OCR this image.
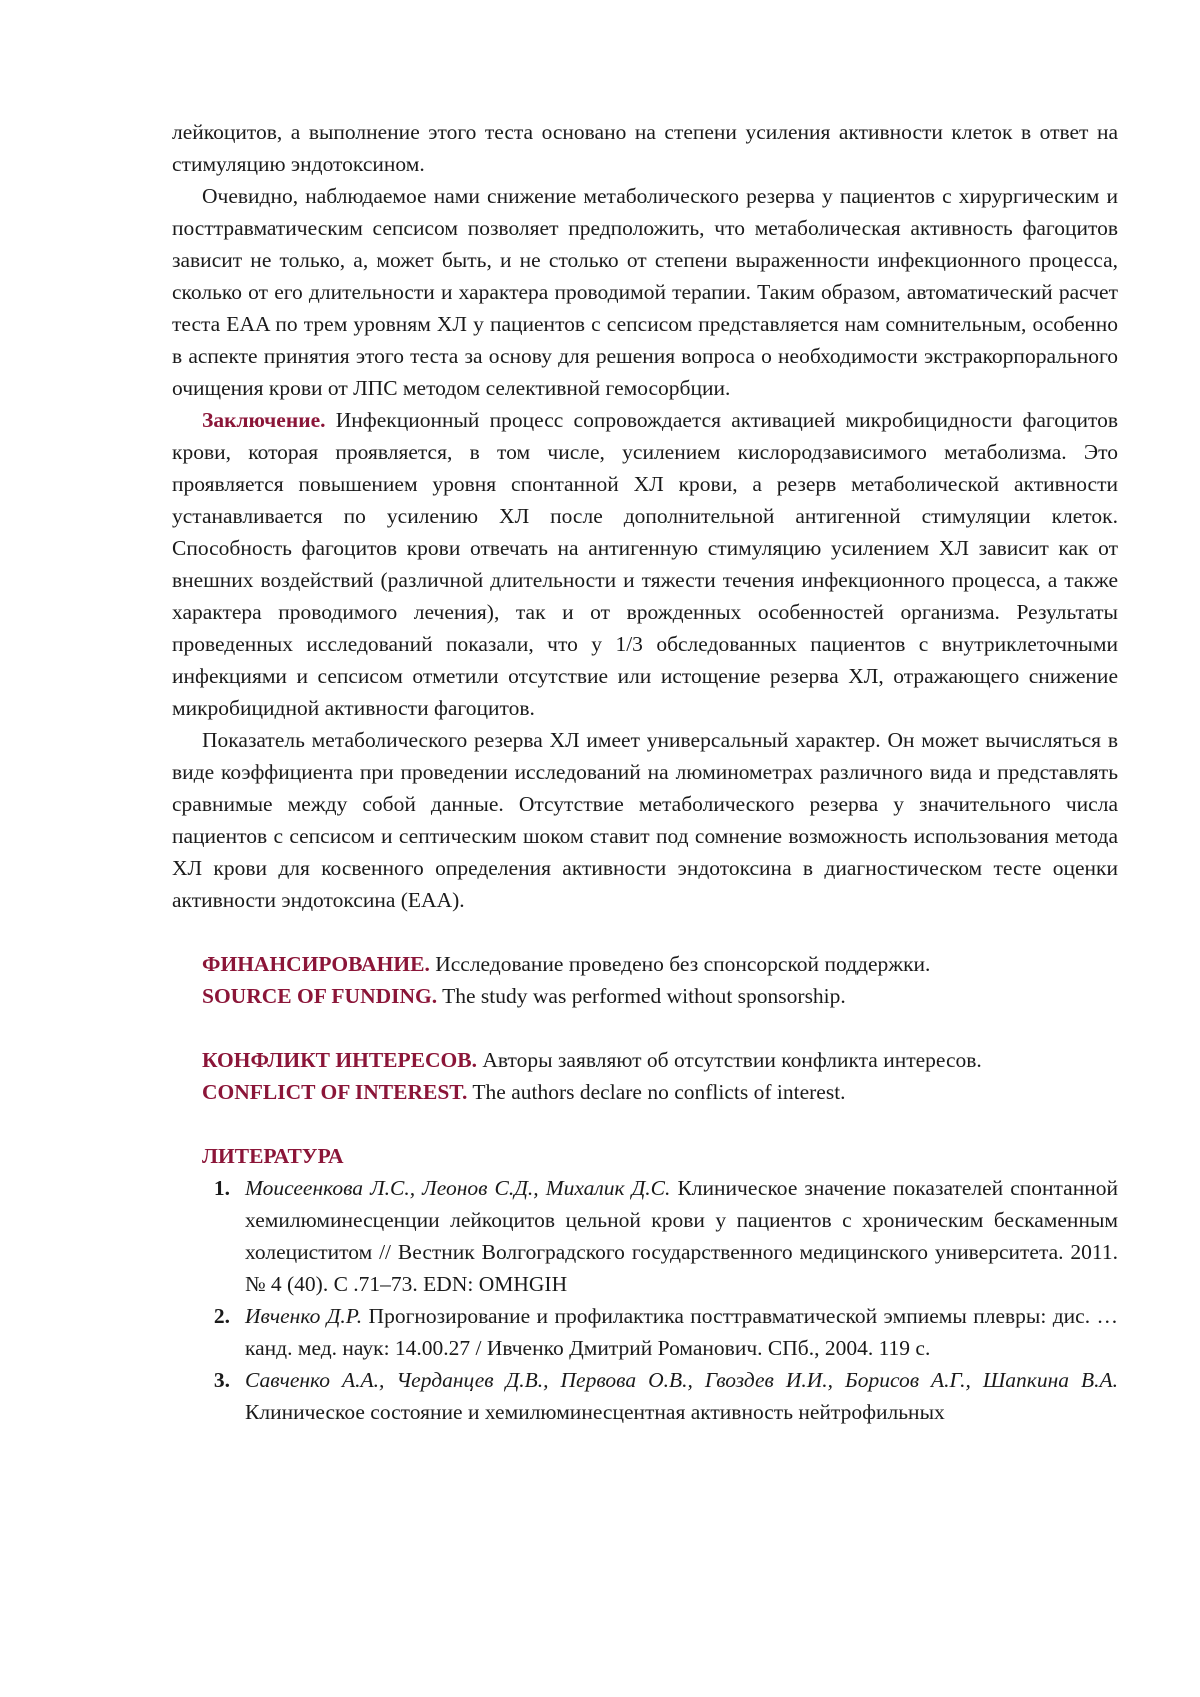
лейкоцитов, а выполнение этого теста основано на степени усиления активности клеток в ответ на стимуляцию эндотоксином.

Очевидно, наблюдаемое нами снижение метаболического резерва у пациентов с хирургическим и посттравматическим сепсисом позволяет предположить, что метаболическая активность фагоцитов зависит не только, а, может быть, и не столько от степени выраженности инфекционного процесса, сколько от его длительности и характера проводимой терапии. Таким образом, автоматический расчет теста EAA по трем уровням ХЛ у пациентов с сепсисом представляется нам сомнительным, особенно в аспекте принятия этого теста за основу для решения вопроса о необходимости экстракорпорального очищения крови от ЛПС методом селективной гемосорбции.

Заключение. Инфекционный процесс сопровождается активацией микробицидности фагоцитов крови, которая проявляется, в том числе, усилением кислородзависимого метаболизма. Это проявляется повышением уровня спонтанной ХЛ крови, а резерв метаболической активности устанавливается по усилению ХЛ после дополнительной антигенной стимуляции клеток. Способность фагоцитов крови отвечать на антигенную стимуляцию усилением ХЛ зависит как от внешних воздействий (различной длительности и тяжести течения инфекционного процесса, а также характера проводимого лечения), так и от врожденных особенностей организма. Результаты проведенных исследований показали, что у 1/3 обследованных пациентов с внутриклеточными инфекциями и сепсисом отметили отсутствие или истощение резерва ХЛ, отражающего снижение микробицидной активности фагоцитов.

Показатель метаболического резерва ХЛ имеет универсальный характер. Он может вычисляться в виде коэффициента при проведении исследований на люминометрах различного вида и представлять сравнимые между собой данные. Отсутствие метаболического резерва у значительного числа пациентов с сепсисом и септическим шоком ставит под сомнение возможность использования метода ХЛ крови для косвенного определения активности эндотоксина в диагностическом тесте оценки активности эндотоксина (EAA).

ФИНАНСИРОВАНИЕ. Исследование проведено без спонсорской поддержки.

SOURCE OF FUNDING. The study was performed without sponsorship.

КОНФЛИКТ ИНТЕРЕСОВ. Авторы заявляют об отсутствии конфликта интересов.

CONFLICT OF INTEREST. The authors declare no conflicts of interest.

ЛИТЕРАТУРА

1. Моисеенкова Л.С., Леонов С.Д., Михалик Д.С. Клиническое значение показателей спонтанной хемилюминесценции лейкоцитов цельной крови у пациентов с хроническим бескаменным холециститом // Вестник Волгоградского государственного медицинского университета. 2011. № 4 (40). С .71–73. EDN: OMHGIH
2. Ивченко Д.Р. Прогнозирование и профилактика посттравматической эмпиемы плевры: дис. … канд. мед. наук: 14.00.27 / Ивченко Дмитрий Романович. СПб., 2004. 119 с.
3. Савченко А.А., Черданцев Д.В., Первова О.В., Гвоздев И.И., Борисов А.Г., Шапкина В.А. Клиническое состояние и хемилюминесцентная активность нейтрофильных
